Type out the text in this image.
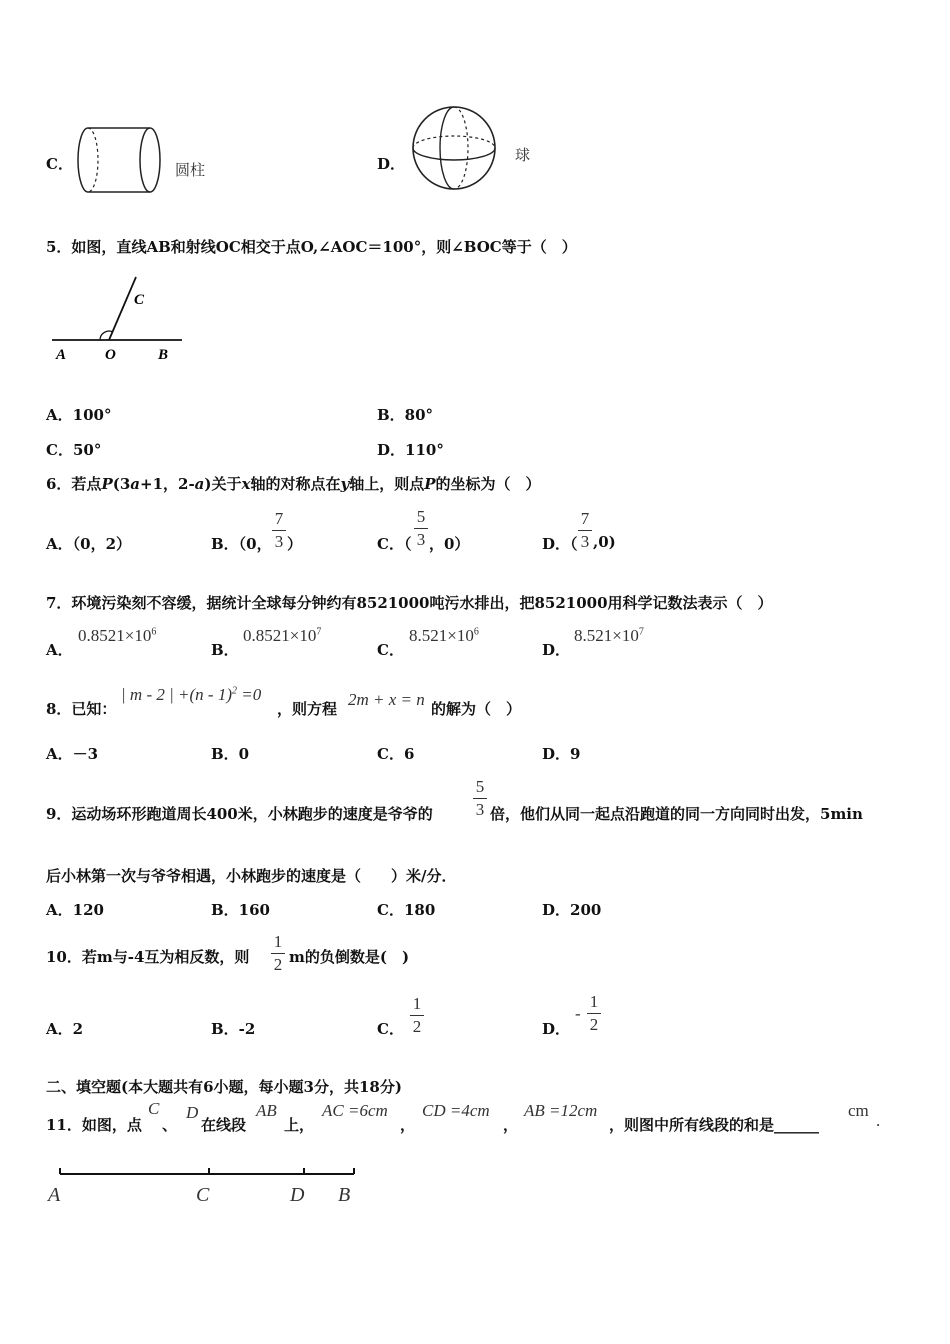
C．	圆柱	D．	球
5．如图，直线AB和射线OC相交于点O,∠AOC＝100°，则∠BOC等于（　）
A	O	B
C
A．100°	B．80°
C．50°	D．110°
6．若点P(3a+1，2-a)关于x轴的对称点在y轴上，则点P的坐标为（　）
A．（0，2）	B．（0，
7
3 ）	C．（
5
3 ，0）	D．（
7
3 ,0)
7．环境污染刻不容缓，据统计全球每分钟约有8521000吨污水排出，把8521000用科学记数法表示（　）
A．
$0.8521\times 10^6$
B．
$0.8521\times 10^7$
C．
$8.521\times 10^6$
D．
$8.521\times 10^7$
8．已知：
| m - 2 | +(n - 1)$^2$ =0
，则方程 2m + x = n 的解为（　）
A．－3	B．0	C．6	D．9
9．运动场环形跑道周长400米，小林跑步的速度是爷爷的
5
3 倍，他们从同一起点沿跑道的同一方向同时出发，5min
后小林第一次与爷爷相遇，小林跑步的速度是（　　）米/分．
A．120	B．160	C．180	D．200
10．若m与-4互为相反数，则
1
2 m的负倒数是(　)
A．2	B．-2	C．
1
2	D．
-
1
2
二、填空题(本大题共有6小题，每小题3分，共18分)
11．如图，点
C
、
D
在线段
AB
上，
AC =6cm
，
CD =4cm
，
AB =12cm
，则图中所有线段的和是______
cm
.
A	C	D B
